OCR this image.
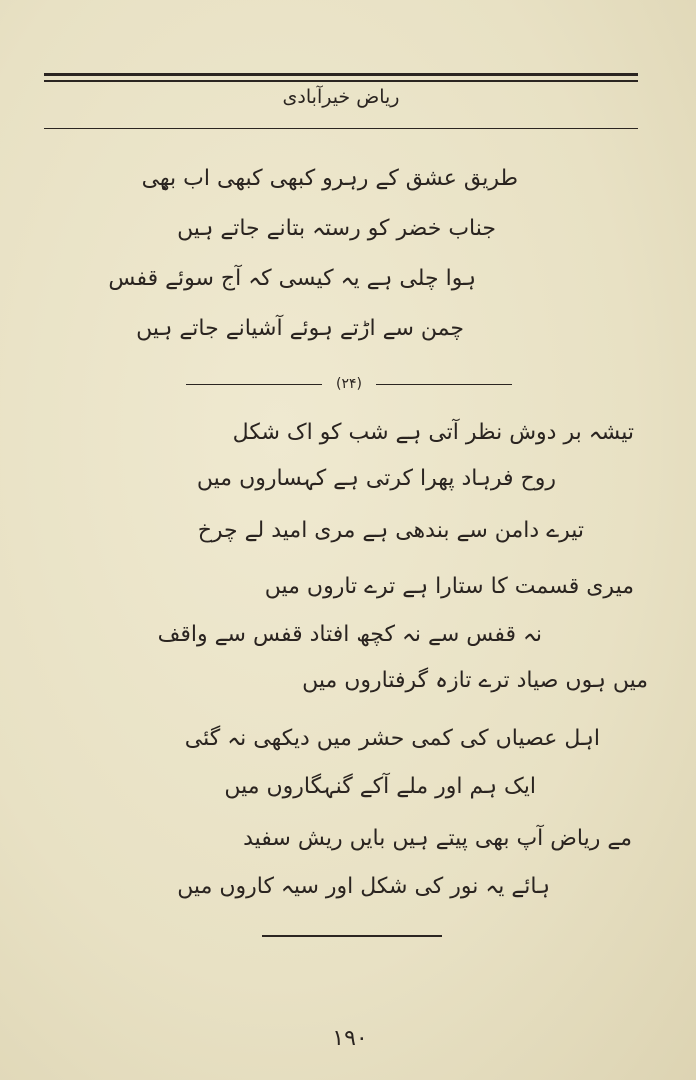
ریاض خیرآبادی
طریق عشق کے رہرو کبھی کبھی اب بھی
جناب خضر کو رستہ بتانے جاتے ہیں
ہوا چلی ہے یہ کیسی کہ آج سوئے قفس
چمن سے اڑتے ہوئے آشیانے جاتے ہیں
(۲۴)
تیشہ بر دوش نظر آتی ہے شب کو اک شکل
روح فرہاد پھرا کرتی ہے کہساروں میں
تیرے دامن سے بندھی ہے مری امید لے چرخ
میری قسمت کا ستارا ہے ترے تاروں میں
نہ قفس سے نہ کچھ افتاد قفس سے واقف
میں ہوں صیاد ترے تازہ گرفتاروں میں
اہل عصیاں کی کمی حشر میں دیکھی نہ گئی
ایک ہم اور ملے آکے گنہگاروں میں
مے ریاض آپ بھی پیتے ہیں بایں ریش سفید
ہائے یہ نور کی شکل اور سیہ کاروں میں
۱۹۰
